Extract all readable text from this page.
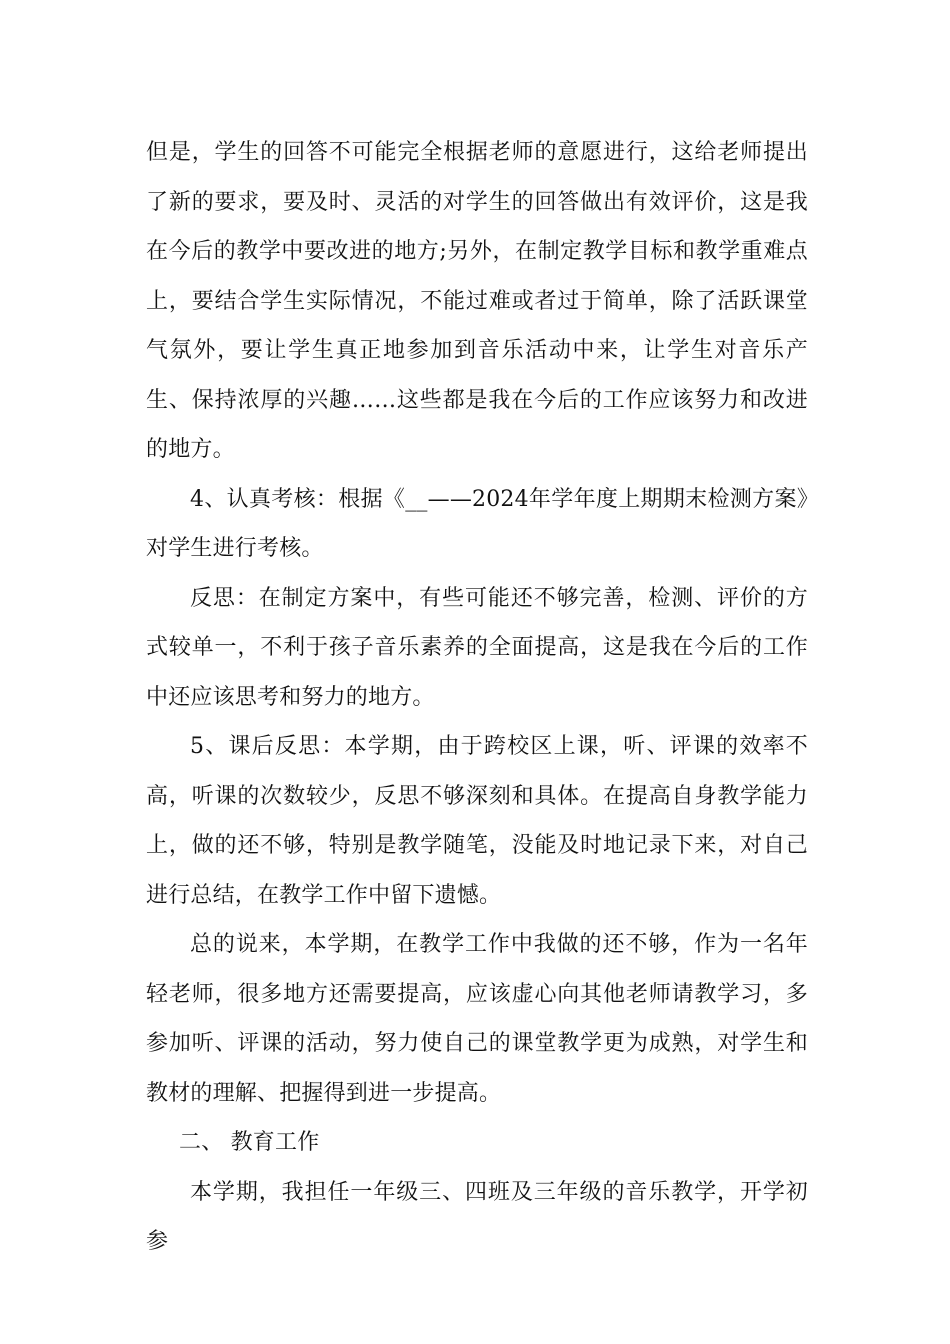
但是，学生的回答不可能完全根据老师的意愿进行，这给老师提出了新的要求，要及时、灵活的对学生的回答做出有效评价，这是我在今后的教学中要改进的地方;另外，在制定教学目标和教学重难点上，要结合学生实际情况，不能过难或者过于简单，除了活跃课堂气氛外，要让学生真正地参加到音乐活动中来，让学生对音乐产生、保持浓厚的兴趣……这些都是我在今后的工作应该努力和改进的地方。

4、认真考核：根据《__——2024年学年度上期期末检测方案》对学生进行考核。

反思：在制定方案中，有些可能还不够完善，检测、评价的方式较单一，不利于孩子音乐素养的全面提高，这是我在今后的工作中还应该思考和努力的地方。

5、课后反思：本学期，由于跨校区上课，听、评课的效率不高，听课的次数较少，反思不够深刻和具体。在提高自身教学能力上，做的还不够，特别是教学随笔，没能及时地记录下来，对自己进行总结，在教学工作中留下遗憾。

总的说来，本学期，在教学工作中我做的还不够，作为一名年轻老师，很多地方还需要提高，应该虚心向其他老师请教学习，多参加听、评课的活动，努力使自己的课堂教学更为成熟，对学生和教材的理解、把握得到进一步提高。

二、 教育工作

本学期，我担任一年级三、四班及三年级的音乐教学，开学初参
